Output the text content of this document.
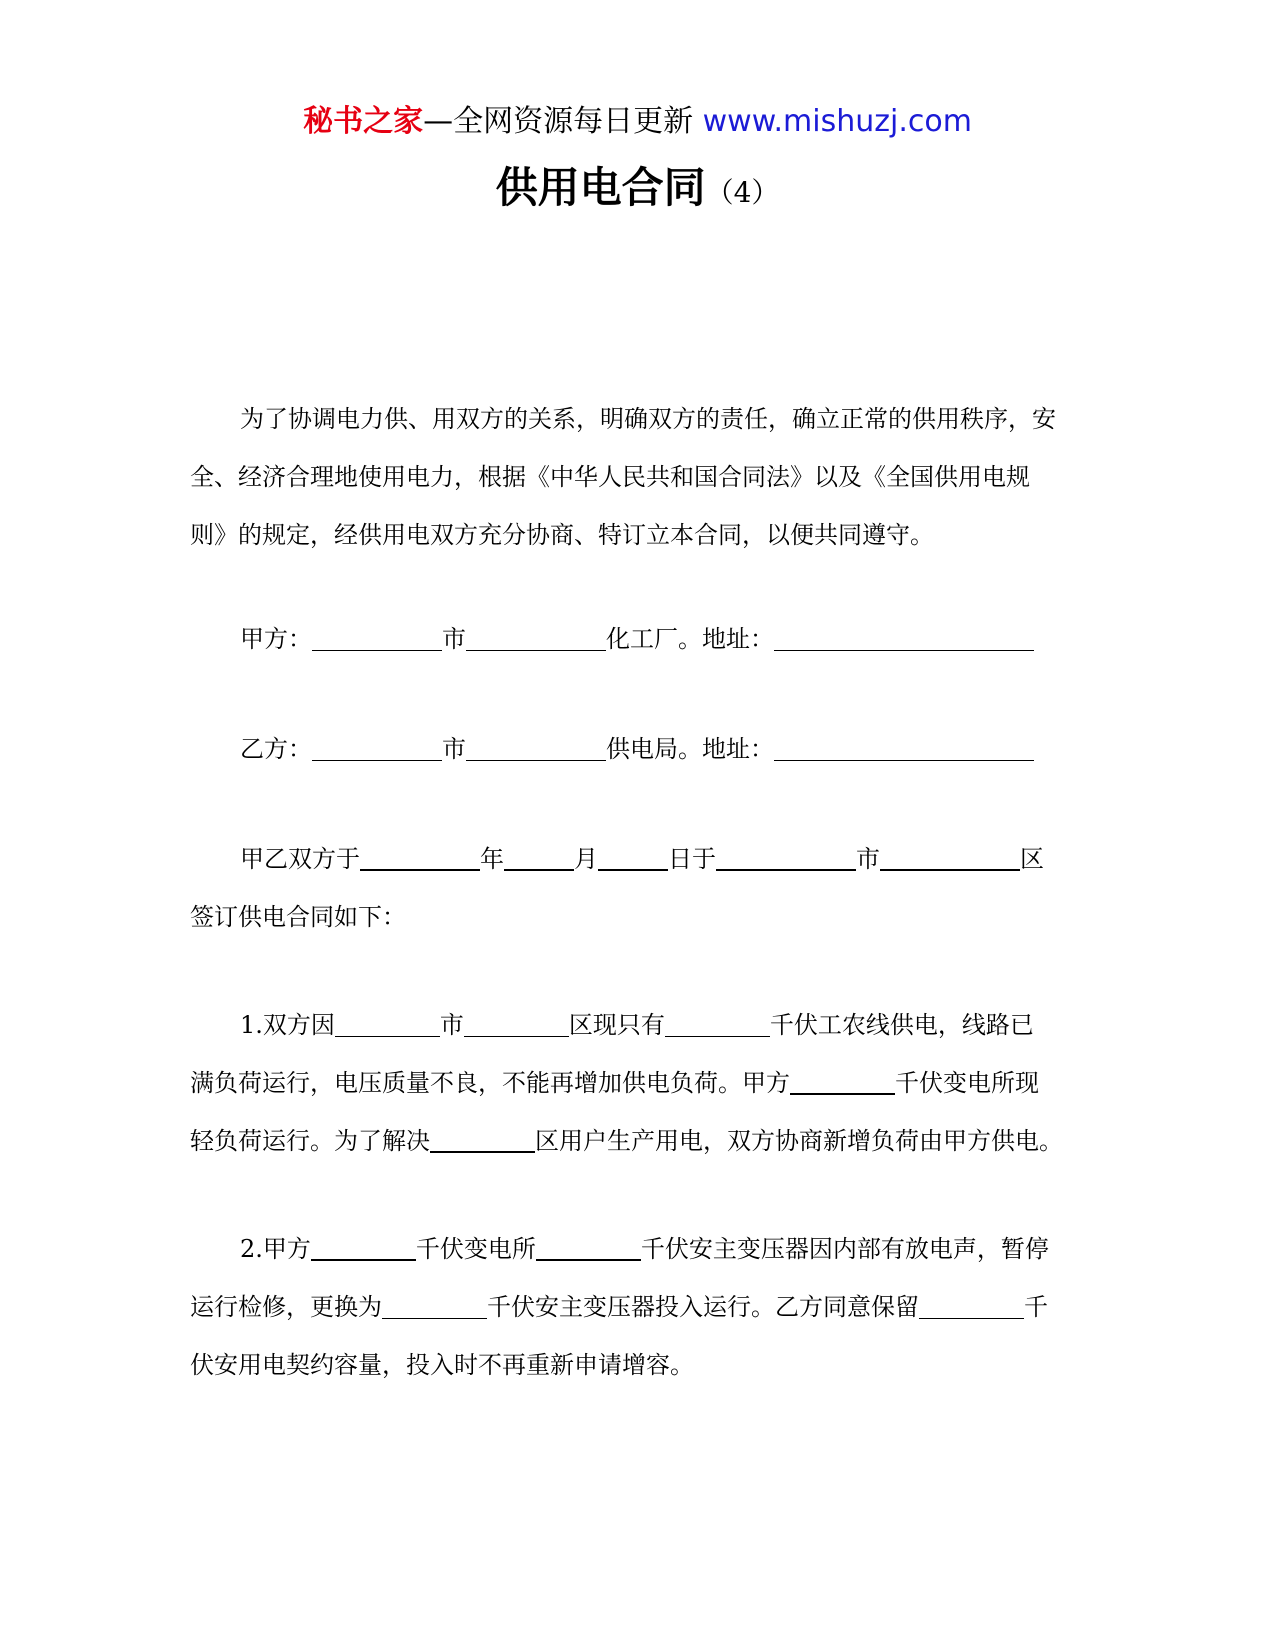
秘书之家—全网资源每日更新 www.mishuzj.com
供用电合同（4）
为了协调电力供、用双方的关系，明确双方的责任，确立正常的供用秩序，安
全、经济合理地使用电力，根据《中华人民共和国合同法》以及《全国供用电规
则》的规定，经供用电双方充分协商、特订立本合同，以便共同遵守。
甲方：	市	化工厂。地址：
乙方：	市	供电局。地址：
甲乙双方于	年	月	日于	市	区
签订供电合同如下：
1.双方因	市	区现只有	千伏工农线供电，线路已
满负荷运行，电压质量不良，不能再增加供电负荷。甲方	千伏变电所现
轻负荷运行。为了解决	区用户生产用电，双方协商新增负荷由甲方供电。
2.甲方	千伏变电所	千伏安主变压器因内部有放电声，暂停
运行检修，更换为	千伏安主变压器投入运行。乙方同意保留	千
伏安用电契约容量，投入时不再重新申请增容。
